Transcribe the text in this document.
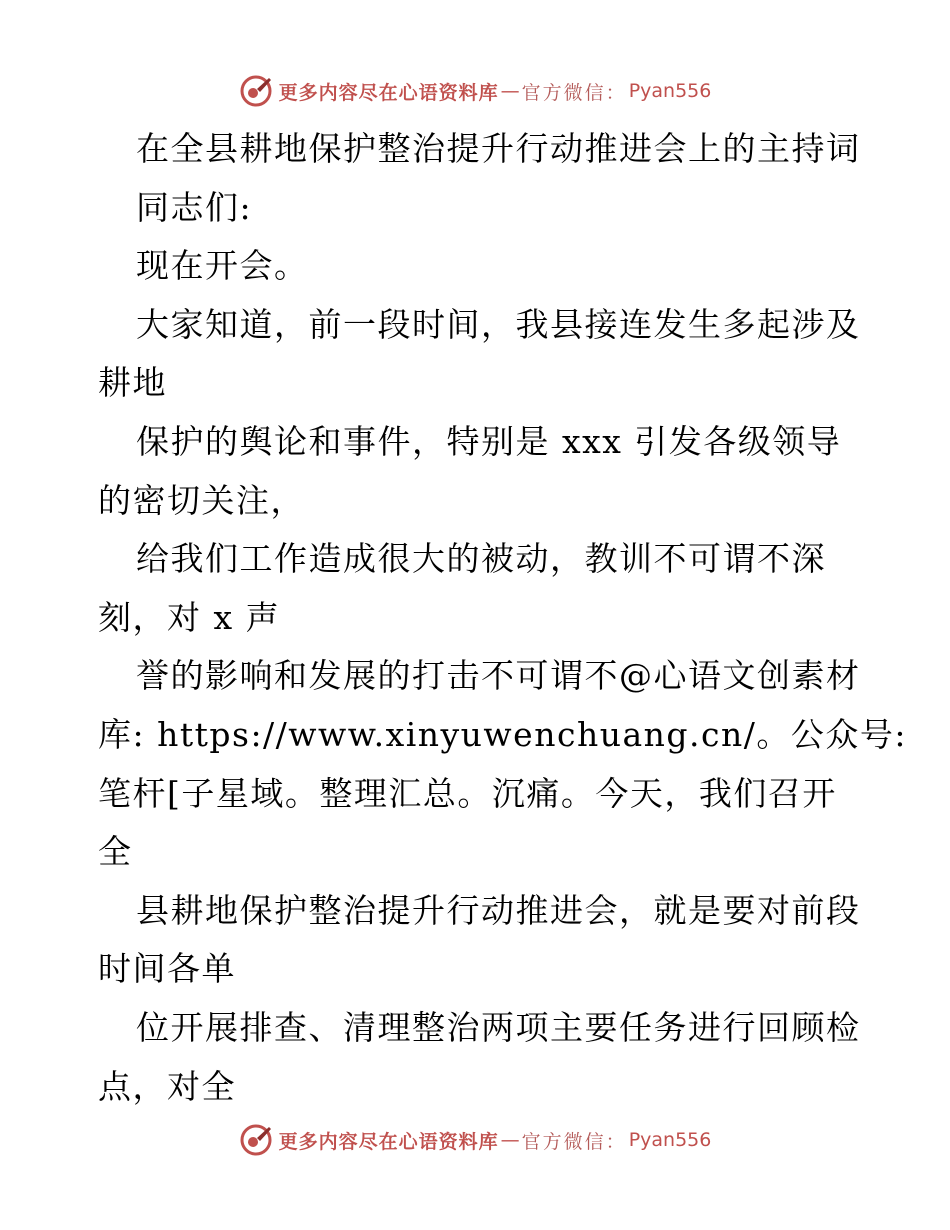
更多内容尽在心语资料库 — 官方微信： Pyan556
在全县耕地保护整治提升行动推进会上的主持词
同志们:
现在开会。
大家知道，前一段时间，我县接连发生多起涉及
耕地
保护的舆论和事件，特别是 xxx 引发各级领导
的密切关注，
给我们工作造成很大的被动，教训不可谓不深
刻，对 x 声
誉的影响和发展的打击不可谓不@心语文创素材
库: https://www.xinyuwenchuang.cn/。公众号:
笔杆[子星域。整理汇总。沉痛。今天，我们召开
全
县耕地保护整治提升行动推进会，就是要对前段
时间各单
位开展排查、清理整治两项主要任务进行回顾检
点，对全
更多内容尽在心语资料库 — 官方微信： Pyan556
